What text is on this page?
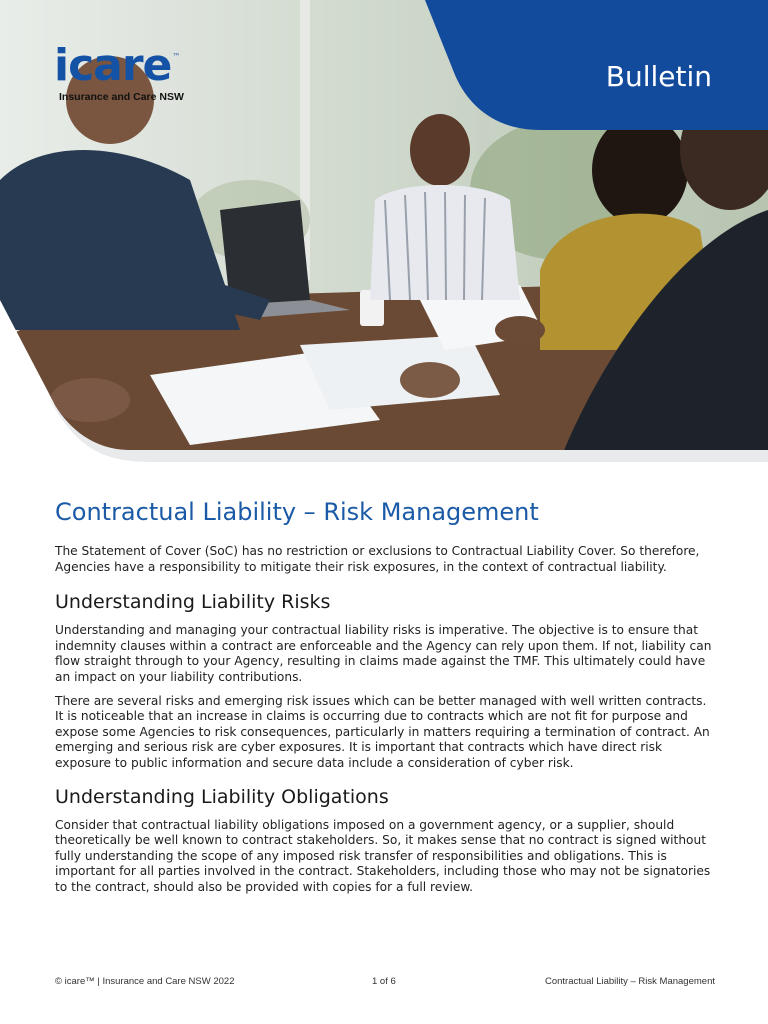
icare™
Insurance and Care NSW
Bulletin
Contractual Liability – Risk Management

The Statement of Cover (SoC) has no restriction or exclusions to Contractual Liability Cover. So therefore, Agencies have a responsibility to mitigate their risk exposures, in the context of contractual liability.

Understanding Liability Risks

Understanding and managing your contractual liability risks is imperative. The objective is to ensure that indemnity clauses within a contract are enforceable and the Agency can rely upon them. If not, liability can flow straight through to your Agency, resulting in claims made against the TMF. This ultimately could have an impact on your liability contributions.

There are several risks and emerging risk issues which can be better managed with well written contracts. It is noticeable that an increase in claims is occurring due to contracts which are not fit for purpose and expose some Agencies to risk consequences, particularly in matters requiring a termination of contract. An emerging and serious risk are cyber exposures. It is important that contracts which have direct risk exposure to public information and secure data include a consideration of cyber risk.

Understanding Liability Obligations

Consider that contractual liability obligations imposed on a government agency, or a supplier, should theoretically be well known to contract stakeholders. So, it makes sense that no contract is signed without fully understanding the scope of any imposed risk transfer of responsibilities and obligations. This is important for all parties involved in the contract. Stakeholders, including those who may not be signatories to the contract, should also be provided with copies for a full review.

© icare™ | Insurance and Care NSW 2022	1 of 6	Contractual Liability – Risk Management
